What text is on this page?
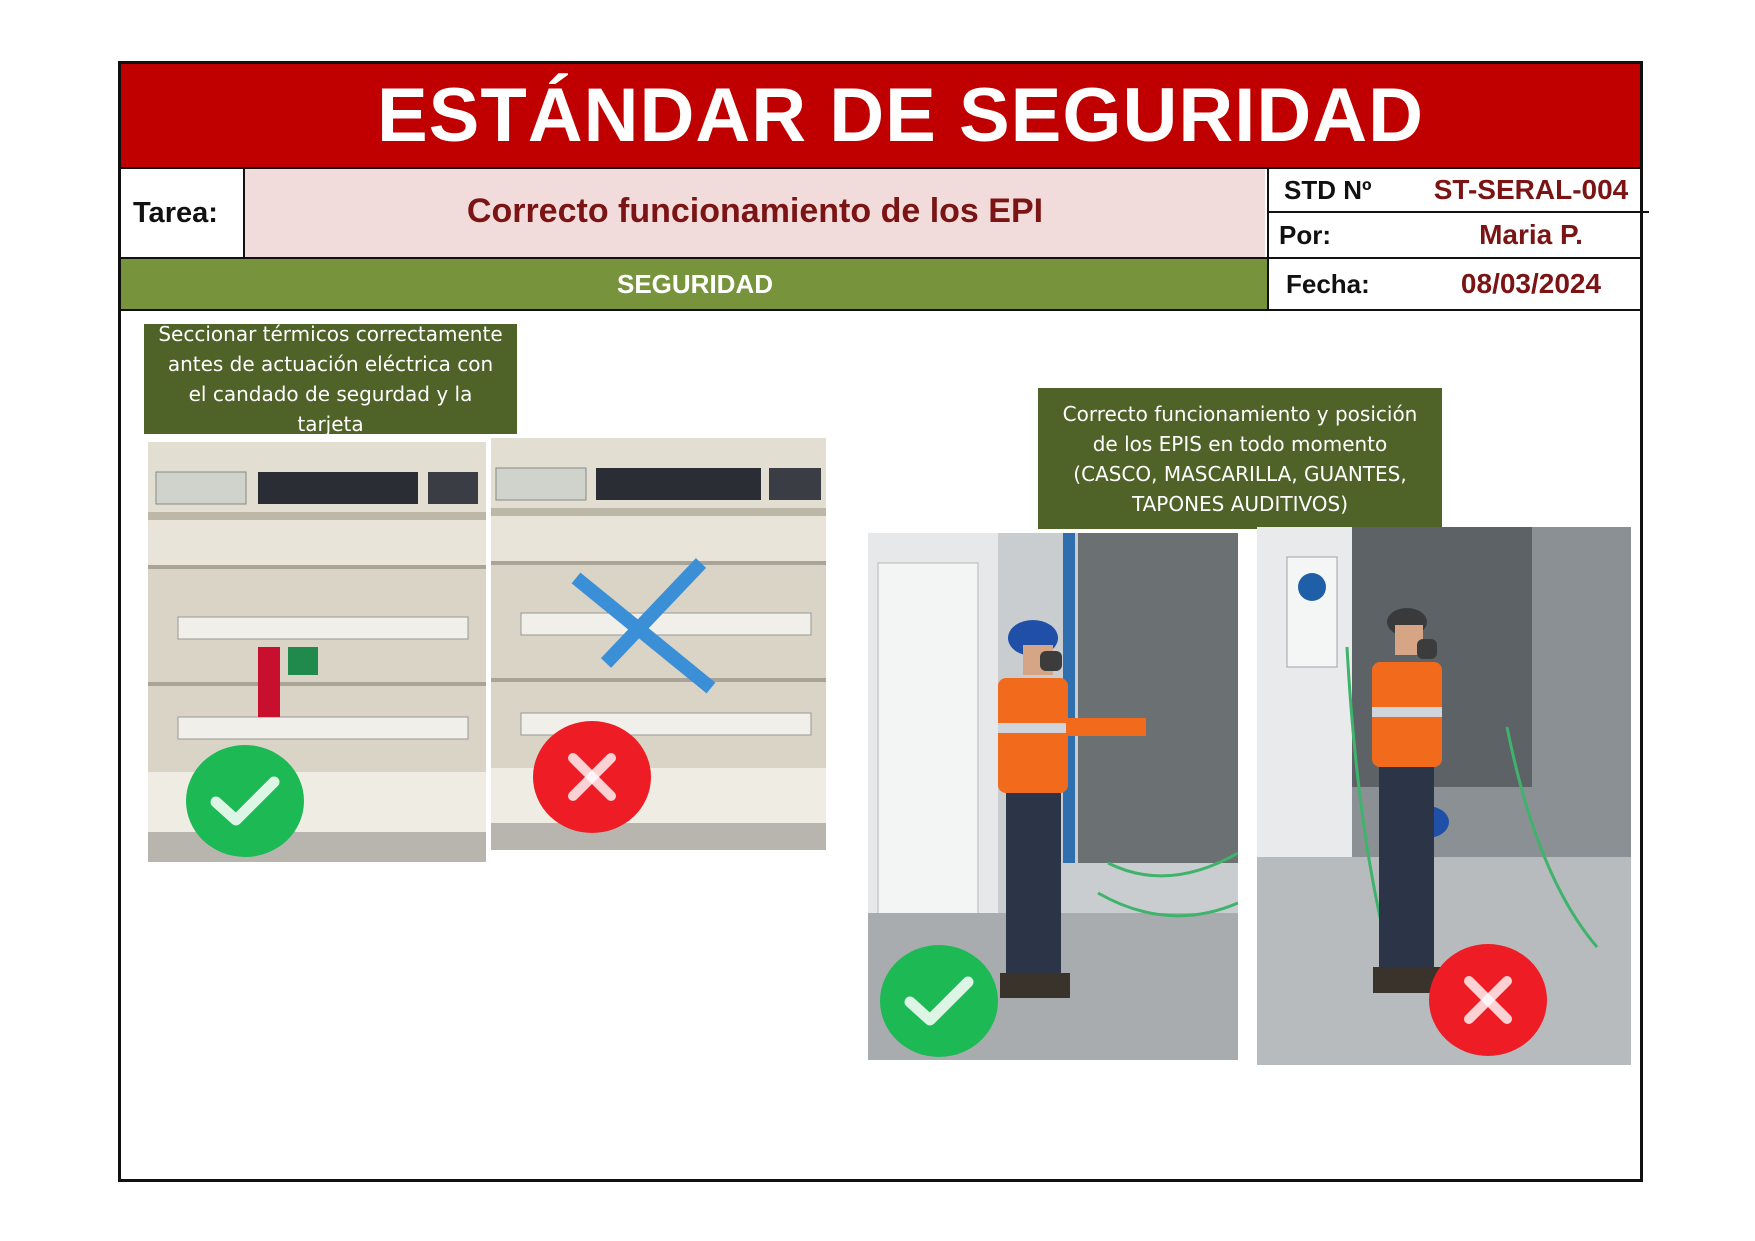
ESTÁNDAR DE SEGURIDAD
Tarea:	Correcto funcionamiento de los EPI
STD Nº	ST-SERAL-004
Por:	Maria P.
SEGURIDAD	Fecha:	08/03/2024
Seccionar térmicos correctamente antes de actuación eléctrica con el candado de segurdad y la tarjeta	Correcto funcionamiento y posición de los EPIS en todo momento (CASCO, MASCARILLA, GUANTES, TAPONES AUDITIVOS)
